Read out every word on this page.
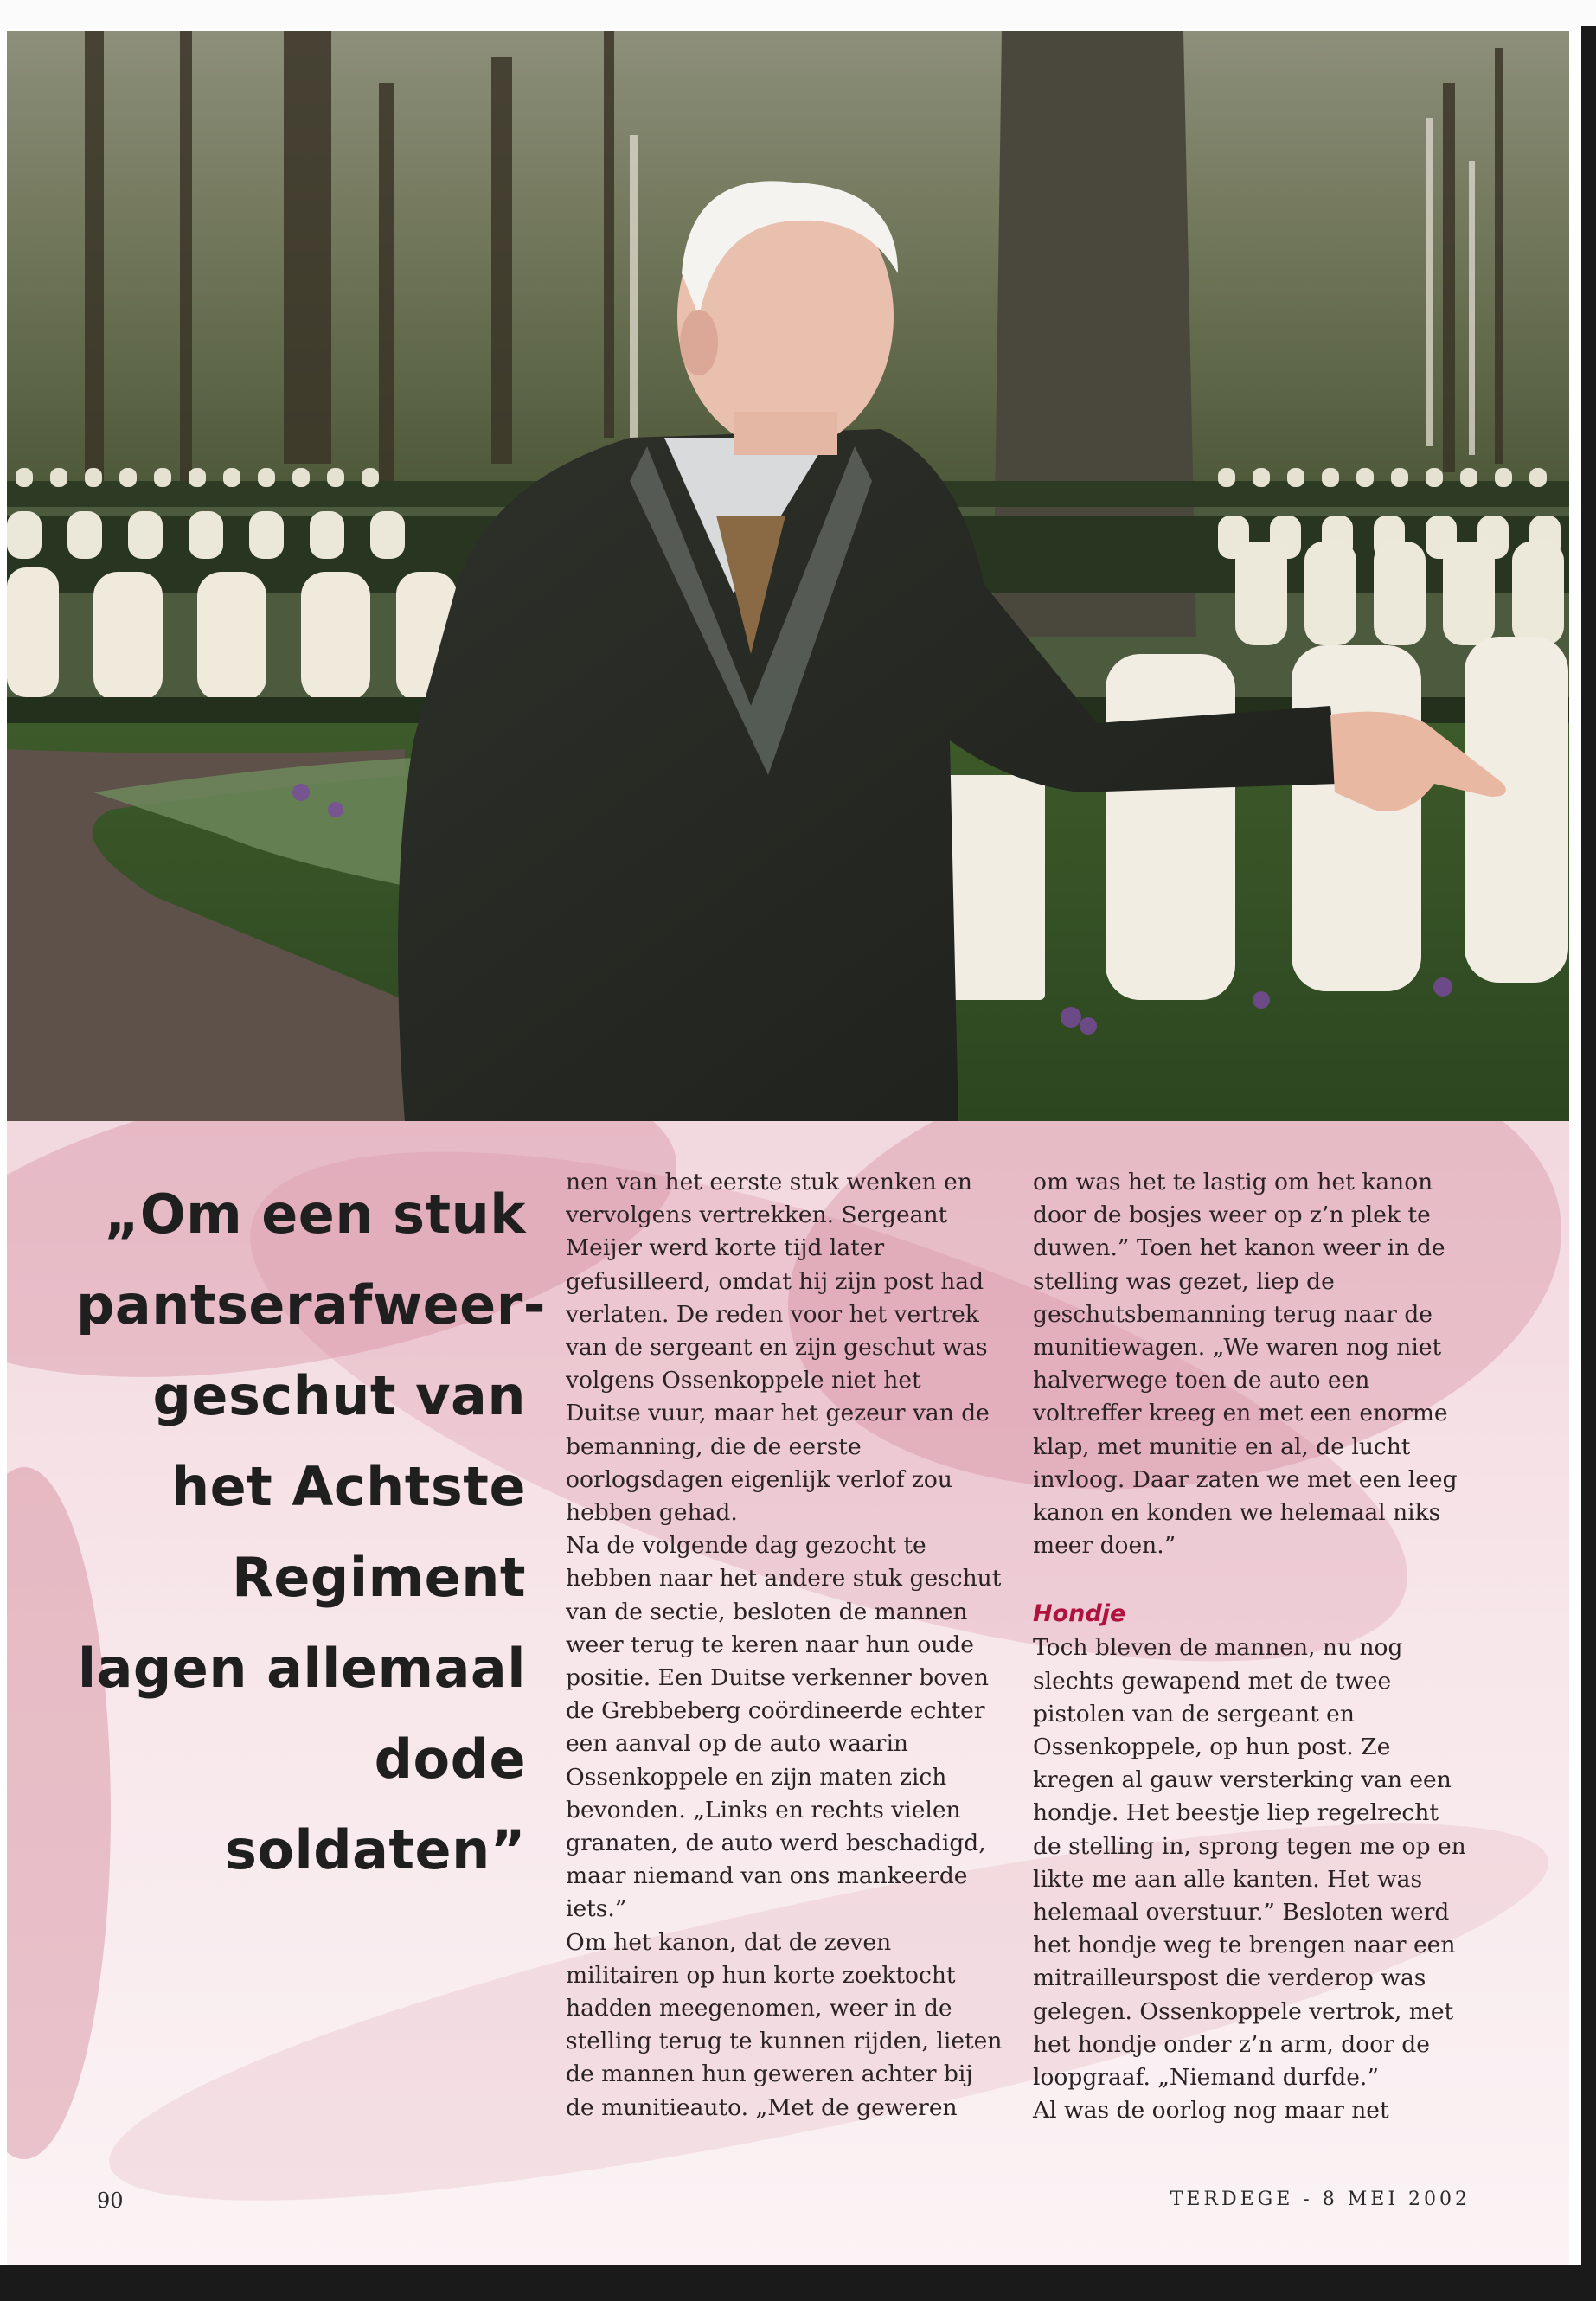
„Om een stuk pantserafweer-geschut van het Achtste Regiment lagen allemaal dode soldaten”

nen van het eerste stuk wenken en vervolgens vertrekken. Sergeant Meijer werd korte tijd later gefusilleerd, omdat hij zijn post had verlaten. De reden voor het vertrek van de sergeant en zijn geschut was volgens Ossenkoppele niet het Duitse vuur, maar het gezeur van de bemanning, die de eerste oorlogsdagen eigenlijk verlof zou hebben gehad.

Na de volgende dag gezocht te hebben naar het andere stuk geschut van de sectie, besloten de mannen weer terug te keren naar hun oude positie. Een Duitse verkenner boven de Grebbeberg coördineerde echter een aanval op de auto waarin Ossenkoppele en zijn maten zich bevonden. „Links en rechts vielen granaten, de auto werd beschadigd, maar niemand van ons mankeerde iets.”

Om het kanon, dat de zeven militairen op hun korte zoektocht hadden meegenomen, weer in de stelling terug te kunnen rijden, lieten de mannen hun geweren achter bij de munitieauto. „Met de geweren

om was het te lastig om het kanon door de bosjes weer op z’n plek te duwen.” Toen het kanon weer in de stelling was gezet, liep de geschutsbemanning terug naar de munitiewagen. „We waren nog niet halverwege toen de auto een voltreffer kreeg en met een enorme klap, met munitie en al, de lucht invloog. Daar zaten we met een leeg kanon en konden we helemaal niks meer doen.”

Hondje

Toch bleven de mannen, nu nog slechts gewapend met de twee pistolen van de sergeant en Ossenkoppele, op hun post. Ze kregen al gauw versterking van een hondje. Het beestje liep regelrecht de stelling in, sprong tegen me op en likte me aan alle kanten. Het was helemaal overstuur.” Besloten werd het hondje weg te brengen naar een mitrailleurspost die verderop was gelegen. Ossenkoppele vertrok, met het hondje onder z’n arm, door de loopgraaf. „Niemand durfde.”

Al was de oorlog nog maar net

90	TERDEGE - 8 MEI 2002
